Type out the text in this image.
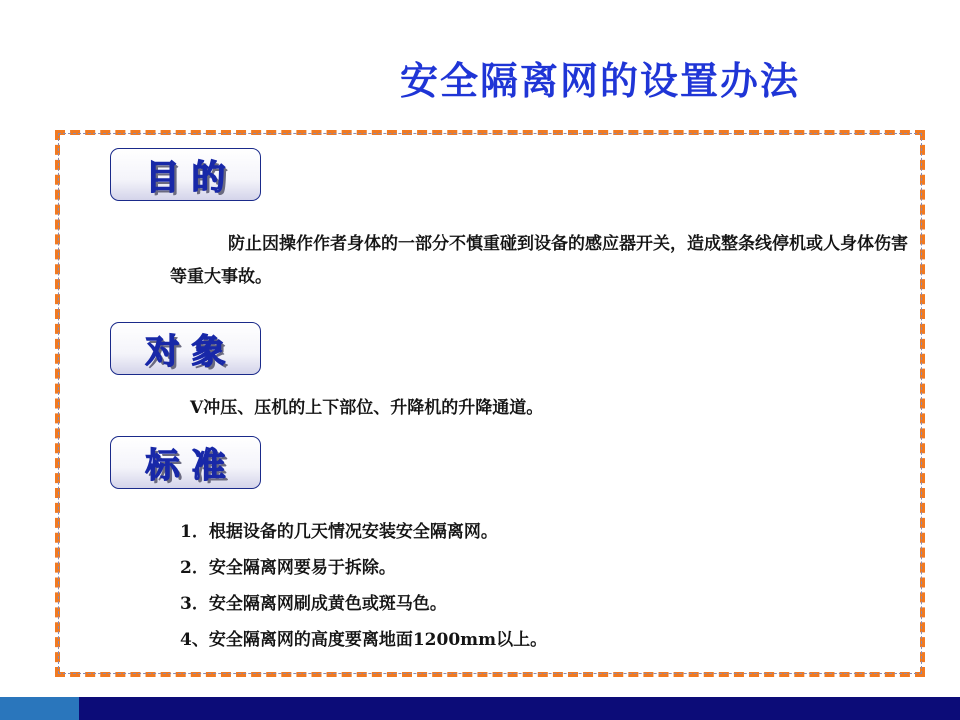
安全隔离网的设置办法
目的

防止因操作作者身体的一部分不慎重碰到设备的感应器开关，造成整条线停机或人身体伤害等重大事故。

对象

V冲压、压机的上下部位、升降机的升降通道。

标准
1．根据设备的几天情况安装安全隔离网。
2．安全隔离网要易于拆除。
3．安全隔离网刷成黄色或斑马色。
4、安全隔离网的高度要离地面1200mm以上。
